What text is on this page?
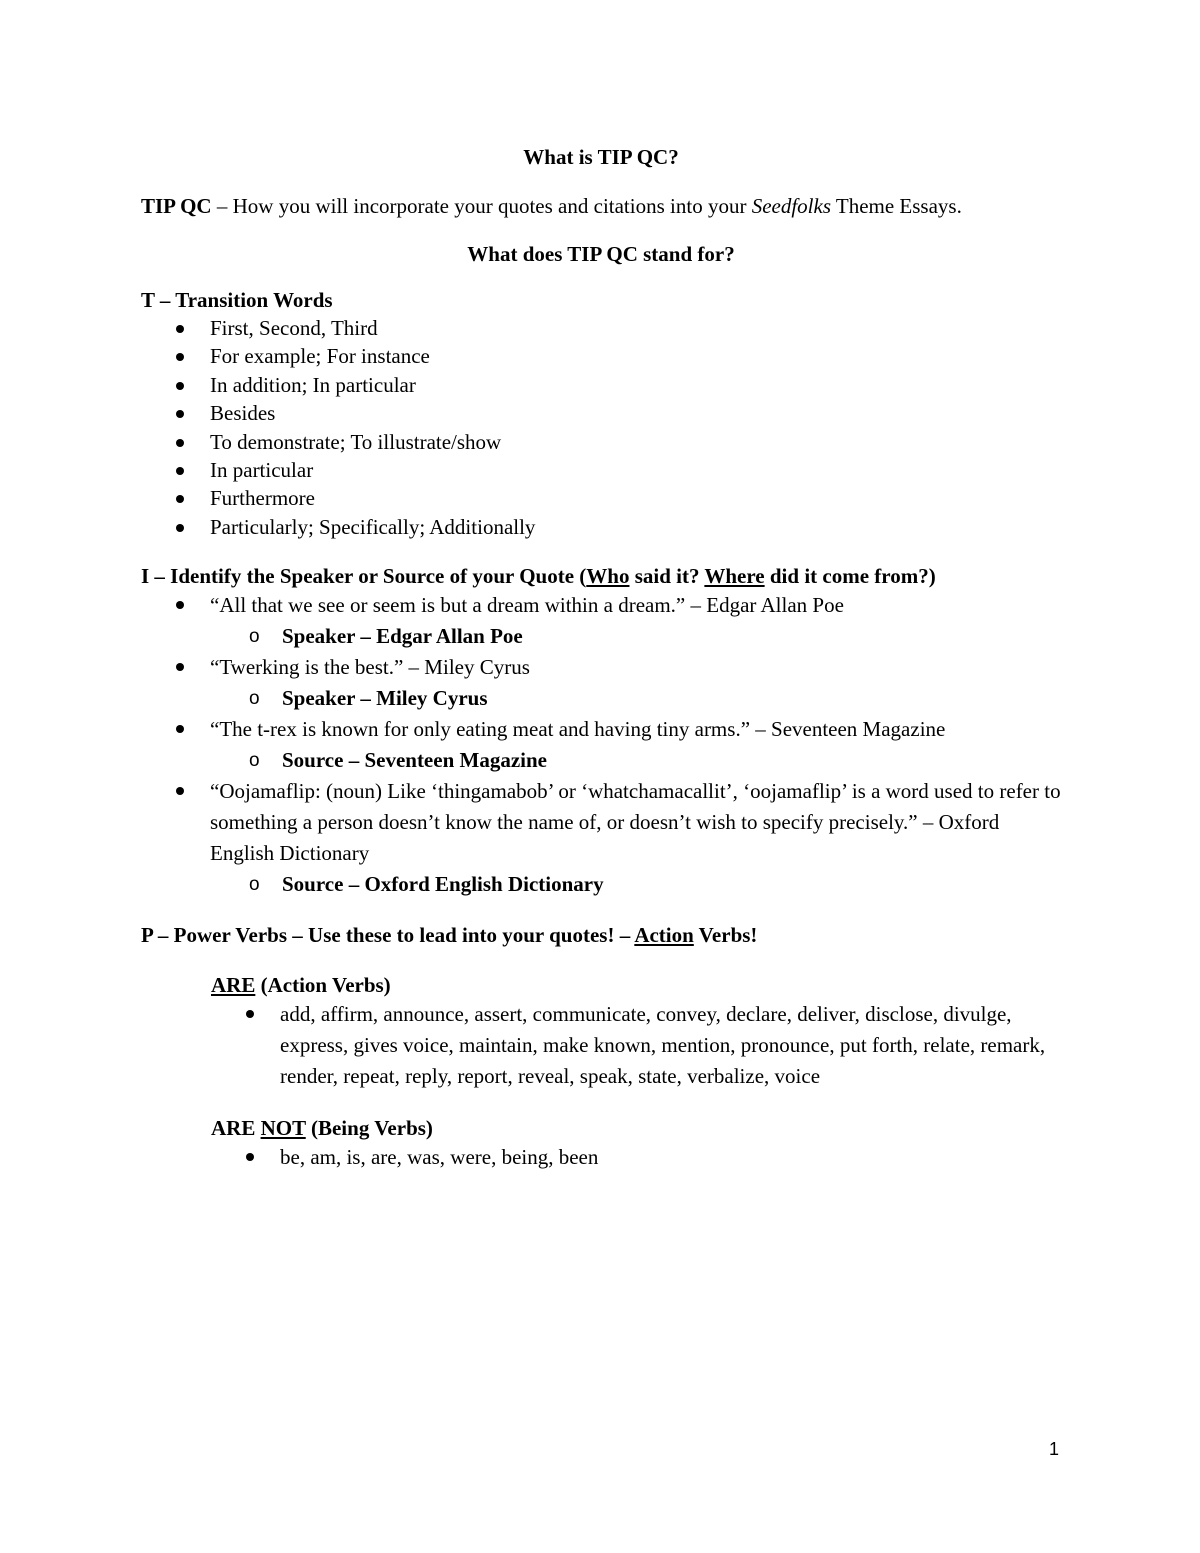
What is TIP QC?

TIP QC – How you will incorporate your quotes and citations into your Seedfolks Theme Essays.

What does TIP QC stand for?

T – Transition Words

First, Second, Third
For example; For instance
In addition; In particular
Besides
To demonstrate; To illustrate/show
In particular
Furthermore
Particularly; Specifically; Additionally

I – Identify the Speaker or Source of your Quote (Who said it? Where did it come from?)

“All that we see or seem is but a dream within a dream.” – Edgar Allan Poe
o Speaker – Edgar Allan Poe
“Twerking is the best.” – Miley Cyrus
o Speaker – Miley Cyrus
“The t-rex is known for only eating meat and having tiny arms.” – Seventeen Magazine
o Source – Seventeen Magazine
“Oojamaflip: (noun) Like ‘thingamabob’ or ‘whatchamacallit’, ‘oojamaflip’ is a word used to refer to something a person doesn’t know the name of, or doesn’t wish to specify precisely.” – Oxford English Dictionary
o Source – Oxford English Dictionary

P – Power Verbs – Use these to lead into your quotes! – Action Verbs!

ARE (Action Verbs)

add, affirm, announce, assert, communicate, convey, declare, deliver, disclose, divulge, express, gives voice, maintain, make known, mention, pronounce, put forth, relate, remark, render, repeat, reply, report, reveal, speak, state, verbalize, voice

ARE NOT (Being Verbs)

be, am, is, are, was, were, being, been
1
